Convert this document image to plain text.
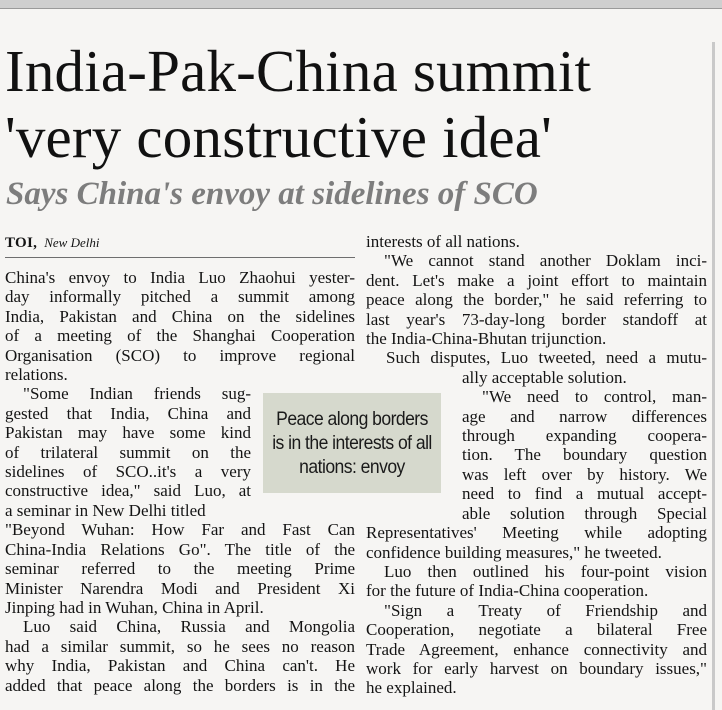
India-Pak-China summit
'very constructive idea'
Says China's envoy at sidelines of SCO
TOI, New Delhi

China's envoy to India Luo Zhaohui yester-
day informally pitched a summit among
India, Pakistan and China on the sidelines
of a meeting of the Shanghai Cooperation
Organisation (SCO) to improve regional
relations.

"Some Indian friends sug-
gested that India, China and
Pakistan may have some kind
of trilateral summit on the
sidelines of SCO..it's a very
constructive idea," said Luo, at
a seminar in New Delhi titled
"Beyond Wuhan: How Far and Fast Can
China-India Relations Go". The title of the
seminar referred to the meeting Prime
Minister Narendra Modi and President Xi
Jinping had in Wuhan, China in April.

Luo said China, Russia and Mongolia
had a similar summit, so he sees no reason
why India, Pakistan and China can't. He
added that peace along the borders is in the

Peace along borders is in the interests of all nations: envoy

interests of all nations.

"We cannot stand another Doklam inci-
dent. Let's make a joint effort to maintain
peace along the border," he said referring to
last year's 73-day-long border standoff at
the India-China-Bhutan trijunction.

Such disputes, Luo tweeted, need a mutu-
ally acceptable solution.

"We need to control, man-
age and narrow differences
through expanding coopera-
tion. The boundary question
was left over by history. We
need to find a mutual accept-
able solution through Special
Representatives' Meeting while adopting
confidence building measures," he tweeted.

Luo then outlined his four-point vision
for the future of India-China cooperation.

"Sign a Treaty of Friendship and
Cooperation, negotiate a bilateral Free
Trade Agreement, enhance connectivity and
work for early harvest on boundary issues,"
he explained.
